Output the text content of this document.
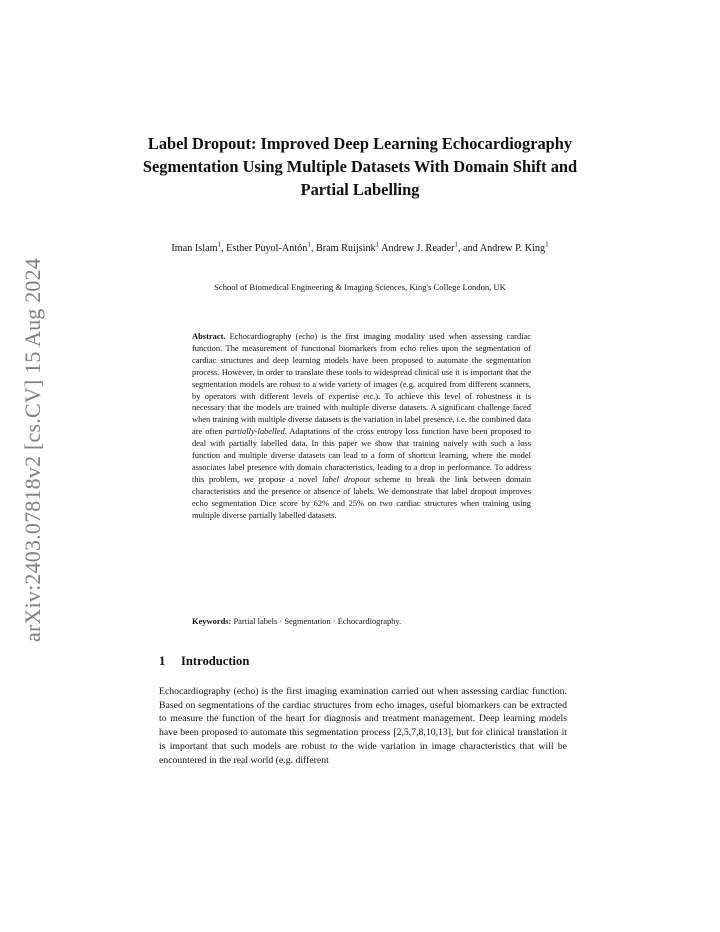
arXiv:2403.07818v2 [cs.CV] 15 Aug 2024
Label Dropout: Improved Deep Learning Echocardiography Segmentation Using Multiple Datasets With Domain Shift and Partial Labelling
Iman Islam$^1$, Esther Puyol-Antón$^1$, Bram Ruijsink$^1$ Andrew J. Reader$^1$, and Andrew P. King$^1$
School of Biomedical Engineering & Imaging Sciences, King's College London, UK
Abstract. Echocardiography (echo) is the first imaging modality used when assessing cardiac function. The measurement of functional biomarkers from echo relies upon the segmentation of cardiac structures and deep learning models have been proposed to automate the segmentation process. However, in order to translate these tools to widespread clinical use it is important that the segmentation models are robust to a wide variety of images (e.g. acquired from different scanners, by operators with different levels of expertise etc.). To achieve this level of robustness it is necessary that the models are trained with multiple diverse datasets. A significant challenge faced when training with multiple diverse datasets is the variation in label presence, i.e. the combined data are often partially-labelled. Adaptations of the cross entropy loss function have been proposed to deal with partially labelled data. In this paper we show that training naively with such a loss function and multiple diverse datasets can lead to a form of shortcut learning, where the model associates label presence with domain characteristics, leading to a drop in performance. To address this problem, we propose a novel label dropout scheme to break the link between domain characteristics and the presence or absence of labels. We demonstrate that label dropout improves echo segmentation Dice score by 62% and 25% on two cardiac structures when training using multiple diverse partially labelled datasets.
Keywords: Partial labels · Segmentation · Echocardiography.
1 Introduction
Echocardiography (echo) is the first imaging examination carried out when assessing cardiac function. Based on segmentations of the cardiac structures from echo images, useful biomarkers can be extracted to measure the function of the heart for diagnosis and treatment management. Deep learning models have been proposed to automate this segmentation process [2,5,7,8,10,13], but for clinical translation it is important that such models are robust to the wide variation in image characteristics that will be encountered in the real world (e.g. different
